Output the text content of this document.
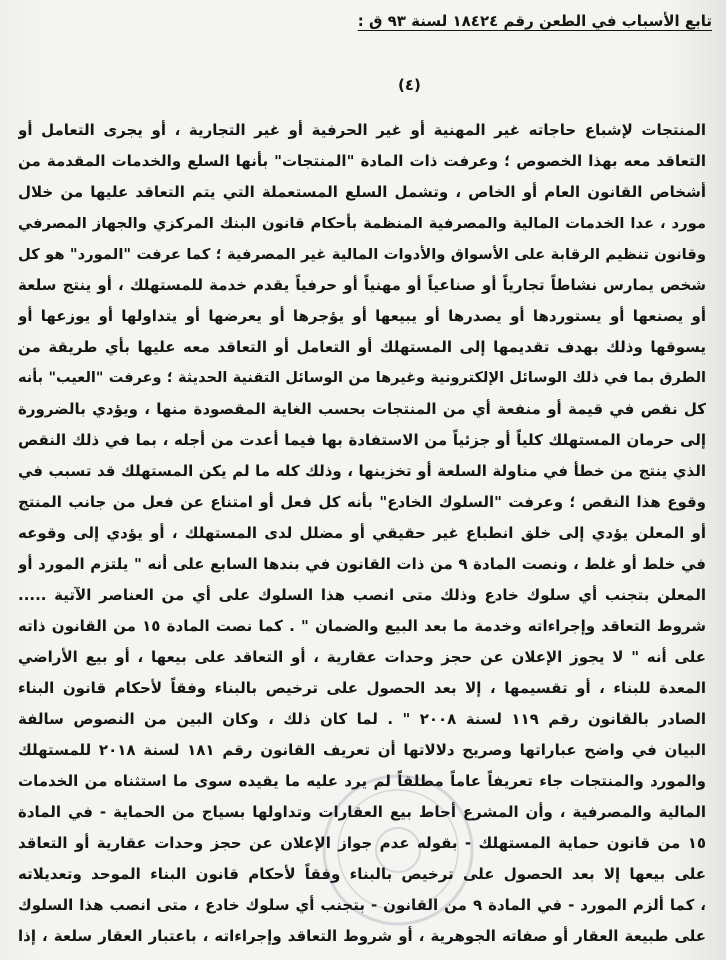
تابع الأسباب في الطعن رقم ١٨٤٢٤ لسنة ٩٣ ق :
(٤)
المنتجات لإشباع حاجاته غير المهنية أو غير الحرفية أو غير التجارية ، أو يجرى التعامل أو
التعاقد معه بهذا الخصوص ؛ وعرفت ذات المادة "المنتجات" بأنها السلع والخدمات المقدمة من
أشخاص القانون العام أو الخاص ، وتشمل السلع المستعملة التي يتم التعاقد عليها من خلال
مورد ، عدا الخدمات المالية والمصرفية المنظمة بأحكام قانون البنك المركزي والجهاز المصرفي
وقانون تنظيم الرقابة على الأسواق والأدوات المالية غير المصرفية ؛ كما عرفت "المورد" هو كل
شخص يمارس نشاطاً تجارياً أو صناعياً أو مهنياً أو حرفياً يقدم خدمة للمستهلك ، أو ينتج سلعة
أو يصنعها أو يستوردها أو يصدرها أو يبيعها أو يؤجرها أو يعرضها أو يتداولها أو يوزعها أو
يسوقها وذلك بهدف تقديمها إلى المستهلك أو التعامل أو التعاقد معه عليها بأي طريقة من
الطرق بما في ذلك الوسائل الإلكترونية وغيرها من الوسائل التقنية الحديثة ؛ وعرفت "العيب" بأنه
كل نقص في قيمة أو منفعة أي من المنتجات بحسب الغاية المقصودة منها ، ويؤدي بالضرورة
إلى حرمان المستهلك كلياً أو جزئياً من الاستفادة بها فيما أعدت من أجله ، بما في ذلك النقص
الذي ينتج من خطأ في مناولة السلعة أو تخزينها ، وذلك كله ما لم يكن المستهلك قد تسبب في
وقوع هذا النقص ؛ وعرفت "السلوك الخادع" بأنه كل فعل أو امتناع عن فعل من جانب المنتج
أو المعلن يؤدي إلى خلق انطباع غير حقيقي أو مضلل لدى المستهلك ، أو يؤدي إلى وقوعه
في خلط أو غلط ، ونصت المادة ٩ من ذات القانون في بندها السابع على أنه " يلتزم المورد أو
المعلن بتجنب أي سلوك خادع وذلك متى انصب هذا السلوك على أي من العناصر الآتية .....
شروط التعاقد وإجراءاته وخدمة ما بعد البيع والضمان " . كما نصت المادة ١٥ من القانون ذاته
على أنه " لا يجوز الإعلان عن حجز وحدات عقارية ، أو التعاقد على بيعها ، أو بيع الأراضي
المعدة للبناء ، أو تقسيمها ، إلا بعد الحصول على ترخيص بالبناء وفقاً لأحكام قانون البناء
الصادر بالقانون رقم ١١٩ لسنة ٢٠٠٨ " . لما كان ذلك ، وكان البين من النصوص سالفة
البيان في واضح عباراتها وصريح دلالاتها أن تعريف القانون رقم ١٨١ لسنة ٢٠١٨ للمستهلك
والمورد والمنتجات جاء تعريفاً عاماً مطلقاً لم يرد عليه ما يقيده سوى ما استثناه من الخدمات
المالية والمصرفية ، وأن المشرع أحاط بيع العقارات وتداولها بسياج من الحماية - في المادة
١٥ من قانون حماية المستهلك - بقوله عدم جواز الإعلان عن حجز وحدات عقارية أو التعاقد
على بيعها إلا بعد الحصول على ترخيص بالبناء وفقاً لأحكام قانون البناء الموحد وتعديلاته
، كما ألزم المورد - في المادة ٩ من القانون - بتجنب أي سلوك خادع ، متى انصب هذا السلوك
على طبيعة العقار أو صفاته الجوهرية ، أو شروط التعاقد وإجراءاته ، باعتبار العقار سلعة ، إذا
